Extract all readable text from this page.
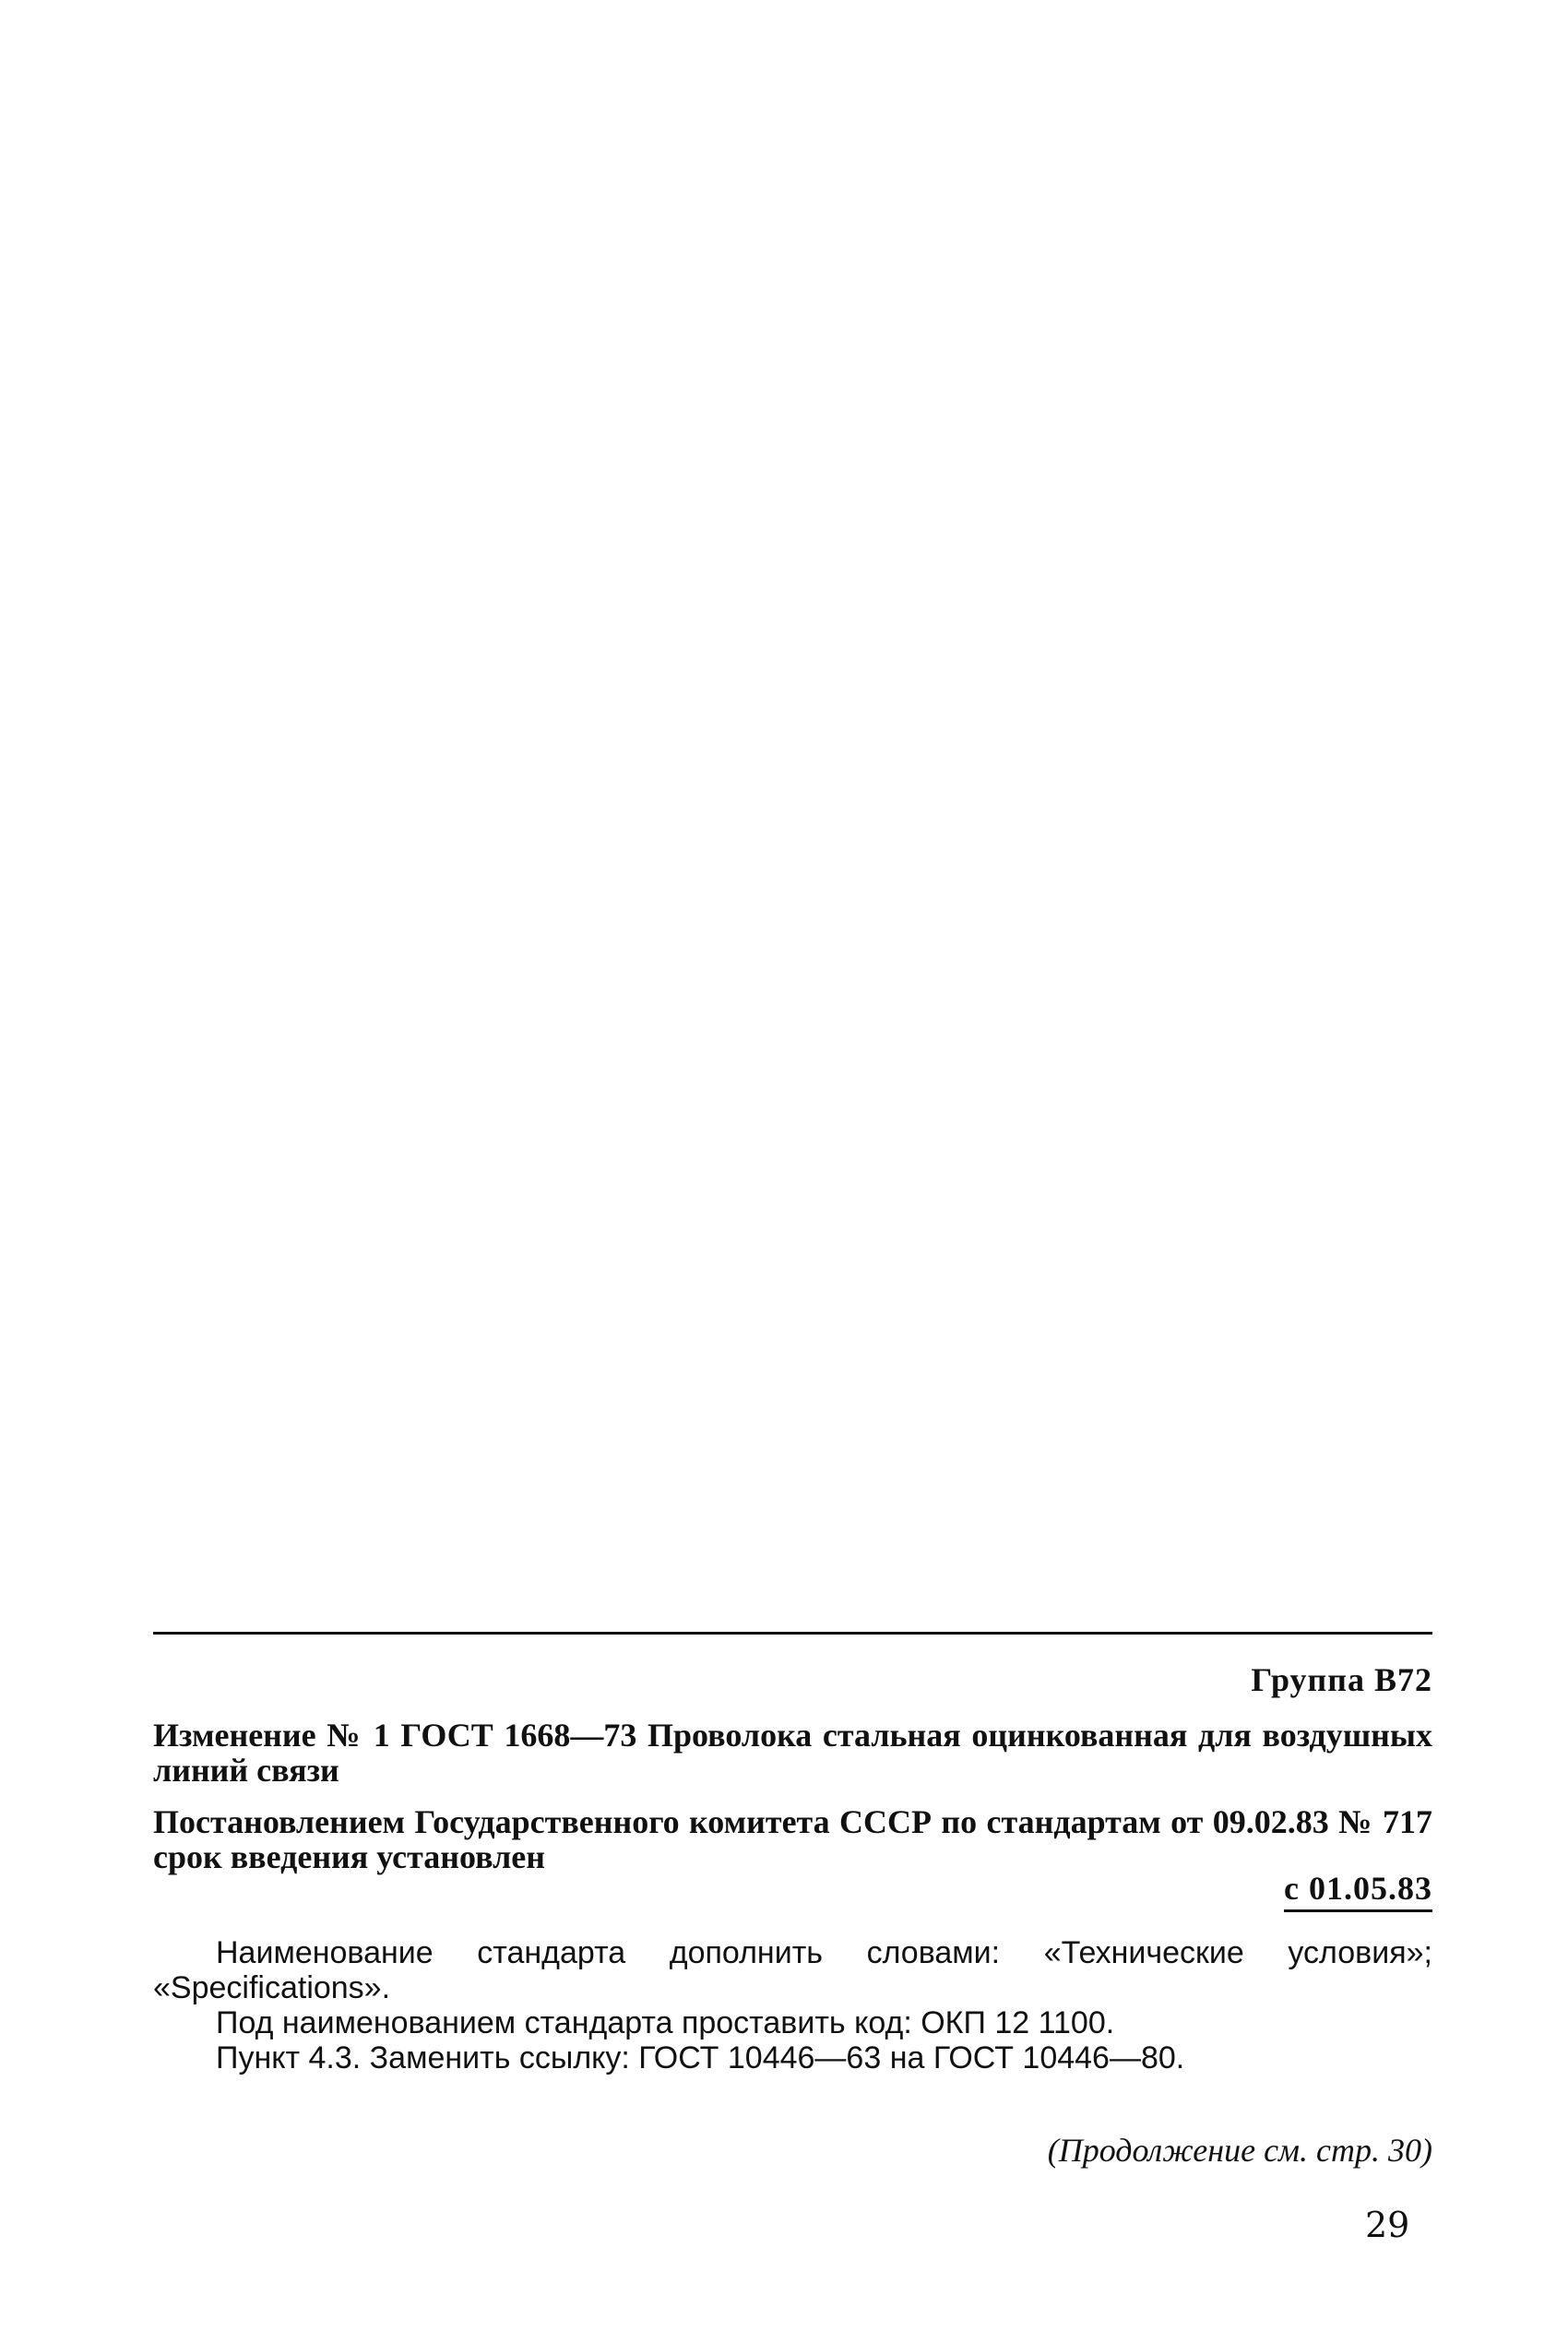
Группа В72
Изменение № 1 ГОСТ 1668—73 Проволока стальная оцинкованная для воздушных линий связи
Постановлением Государственного комитета СССР по стандартам от 09.02.83 № 717 срок введения установлен
с 01.05.83

Наименование стандарта дополнить словами: «Технические условия»; «Specifications».

Под наименованием стандарта проставить код: ОКП 12 1100.

Пункт 4.3. Заменить ссылку: ГОСТ 10446—63 на ГОСТ 10446—80.

(Продолжение см. стр. 30)
29
